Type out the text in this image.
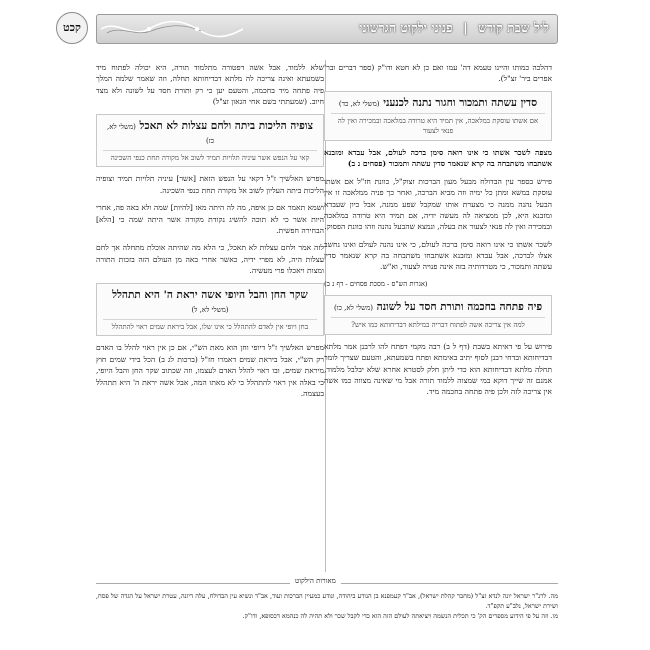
ליל שבת קודש | פניני ילקוט הגרשוני
קכט

דהלכה כמותו והיינו טעמא דה' עמו ואם כן לא חטא ודו"ק (ספר דברים ובר' אפרים ביר' זצ"ל).

סדין עשתה ותמכור וחגור נתנה לכנעני (משלי לא, כד)
אם אשתו עוסקת במלאכה, אין תמיד היא טרודה במלאכה ובמכירה ואין לה פנאי לצעור

מצפה לשכר אשתו כי אינו רואה סימן ברכה לעולם, אבל עבדא ומזבנא אשתבחו משתבחה בה קרא שנאמר סדין עשתה ותמכור (פסחים נ ב)

פירש בספר עין הבדולח מבעל מעון הברכות זצוק"ל, כוונת חז"ל אם אשתו עוסקת במשא ומתן כל ימיה וזה מביא הברכה, ואחר כך פניה ממלאכה זו אין הבעל נהנה ממנה כי מצערת אותו שמקבל שפע ממנה, אבל כיון שעבדא ומזבנא היא, לכן ממציאה לה מעשה ידיה, אם תמיד היא טרודה במלאכה ובמכירה ואין לה פנאי לצעור את בעלה, ונמצא שהבעל נהנה וזהו כוונת הפסוק.

לשכר אשתו כי אינו רואה סימן ברכה לעולם, כי אינו נהנה לעולם ואינו נחשב אצלו לברכה, אבל עבדא ומזבנא אשתבחו משתבחה בה קרא שנאמר סדין עשתה ותמכור, כי מטרדותיה בזה אינה פנויה לצעור, וא"ש.

(אגרות הש"ס - מסכת פסחים - דף נ ב)

פיה פתחה בחכמה ותורת חסד על לשונה (משלי לא, כו)
למה אין צריכה אשה לפתוח דבריה במילתא דבדיחותא כמו איש?

פירוש על פי דאיתא בשבת (דף ל ב) רבה מקמי דפתח להו לרבנן אמר מלתא דבדיחותא ובדחי רבנן לסוף יתיב באימתא ופתח בשמעתא, והטעם שצריך לומר תחלה מלתא דבדיחותא הוא כדי ליתן חלק לסטרא אחרא שלא יבלבל מלמוד, אמנם זה שייך דוקא במי שמצוה ללמוד תורה אבל מי שאינה מצווה כמו אשה אין צריכה לזה ולכן פיה פתחה בחכמה מיד.

שלא ללמוד, אבל אשה דפטורה מתלמוד תורה, היא יכולה לפתוח מיד בשמעתא ואינה צריכה לה מלתא דבדיחותא תחלה, וזה שאמר שלמה המלך פיה פתחה מיד בחכמה, והטעם יען כי רק ותורת חסד על לשונה ולא מצד חיוב. (שמעתתי בשם אחי הגאון זצ"ל)

צופיה הליכות ביתה ולחם עצלות לא תאכל (משלי לא, כז)
קאי על הנפש אשר עיניה תלויות תמיד לשוב אל מקורה תחת כנפי השכינה

מפרש האלשיך ז"ל דקאי על הנפש הזאת [אשר] עיניה תלויות תמיד וצופיה הליכות ביתה העליון לשוב אל מקורה תחת כנפי השכינה.

ושמא תאמר אם כן איפה, מה לה היתה מאז [להיות] שמה ולא באה פה, אחרי היות אשר כי לא תוכה להשיג נקודת מקורה אשר היתה שמה כי [הלא] הבחירה חפשית.

לזה אמר ולחם עצלות לא תאכל, כי הלא מה שהיתה אוכלת מתחלה אך לחם עצלות היה, לא מפרי ידיה, כאשר אחרי באה מן העולם הזה בזכות התורה ומצות ויאכלו פרי מעשיה.

שקר החן והבל היופי אשה יראת ה' היא תתהלל (משלי לא, ל)
בחן ויופי אין לאדם להתהלל כי אינו שלו, אבל ביראת שמים ראוי להתהלל

מפרש האלשיך ז"ל דיופי וחן הוא מאת הש"י, אם כן אין ראוי להלל בו האדם רק הש"י, אבל ביראת שמים דאמרו חז"ל (ברכות לג ב) הכל בידי שמים חוץ מיראת שמים, ובו ראוי להלל האדם לעצמו, וזה שכתוב שקר החן והבל היופי, כי באלה אין ראוי להתהלל כי לא מאתו המה, אבל אשה יראת ה' היא תתהלל בעצמה.

מאורות הילקוט

מה. לרנ"ר ישראל יונה לנדא זצ"ל (מחבר קהלת ישראל), אב"ד קעמפנא בן הנודע ביהודה, ונודע כמעיין הברכות ועוד, אב"ד ונשיא עין הבדולח, עלה דיונה, עטרת ישראל על הגדה של פסח, ושירת ישראל, נלב"ע תקפ"ד.

מו. וזה על פי הידוע מספרים הק' כי תכלית הנשמה ויציאתה לעולם הזה הוא כדי לקבל שכר ולא תהיה לה כנהמא דכסופא, ודו"ק.
